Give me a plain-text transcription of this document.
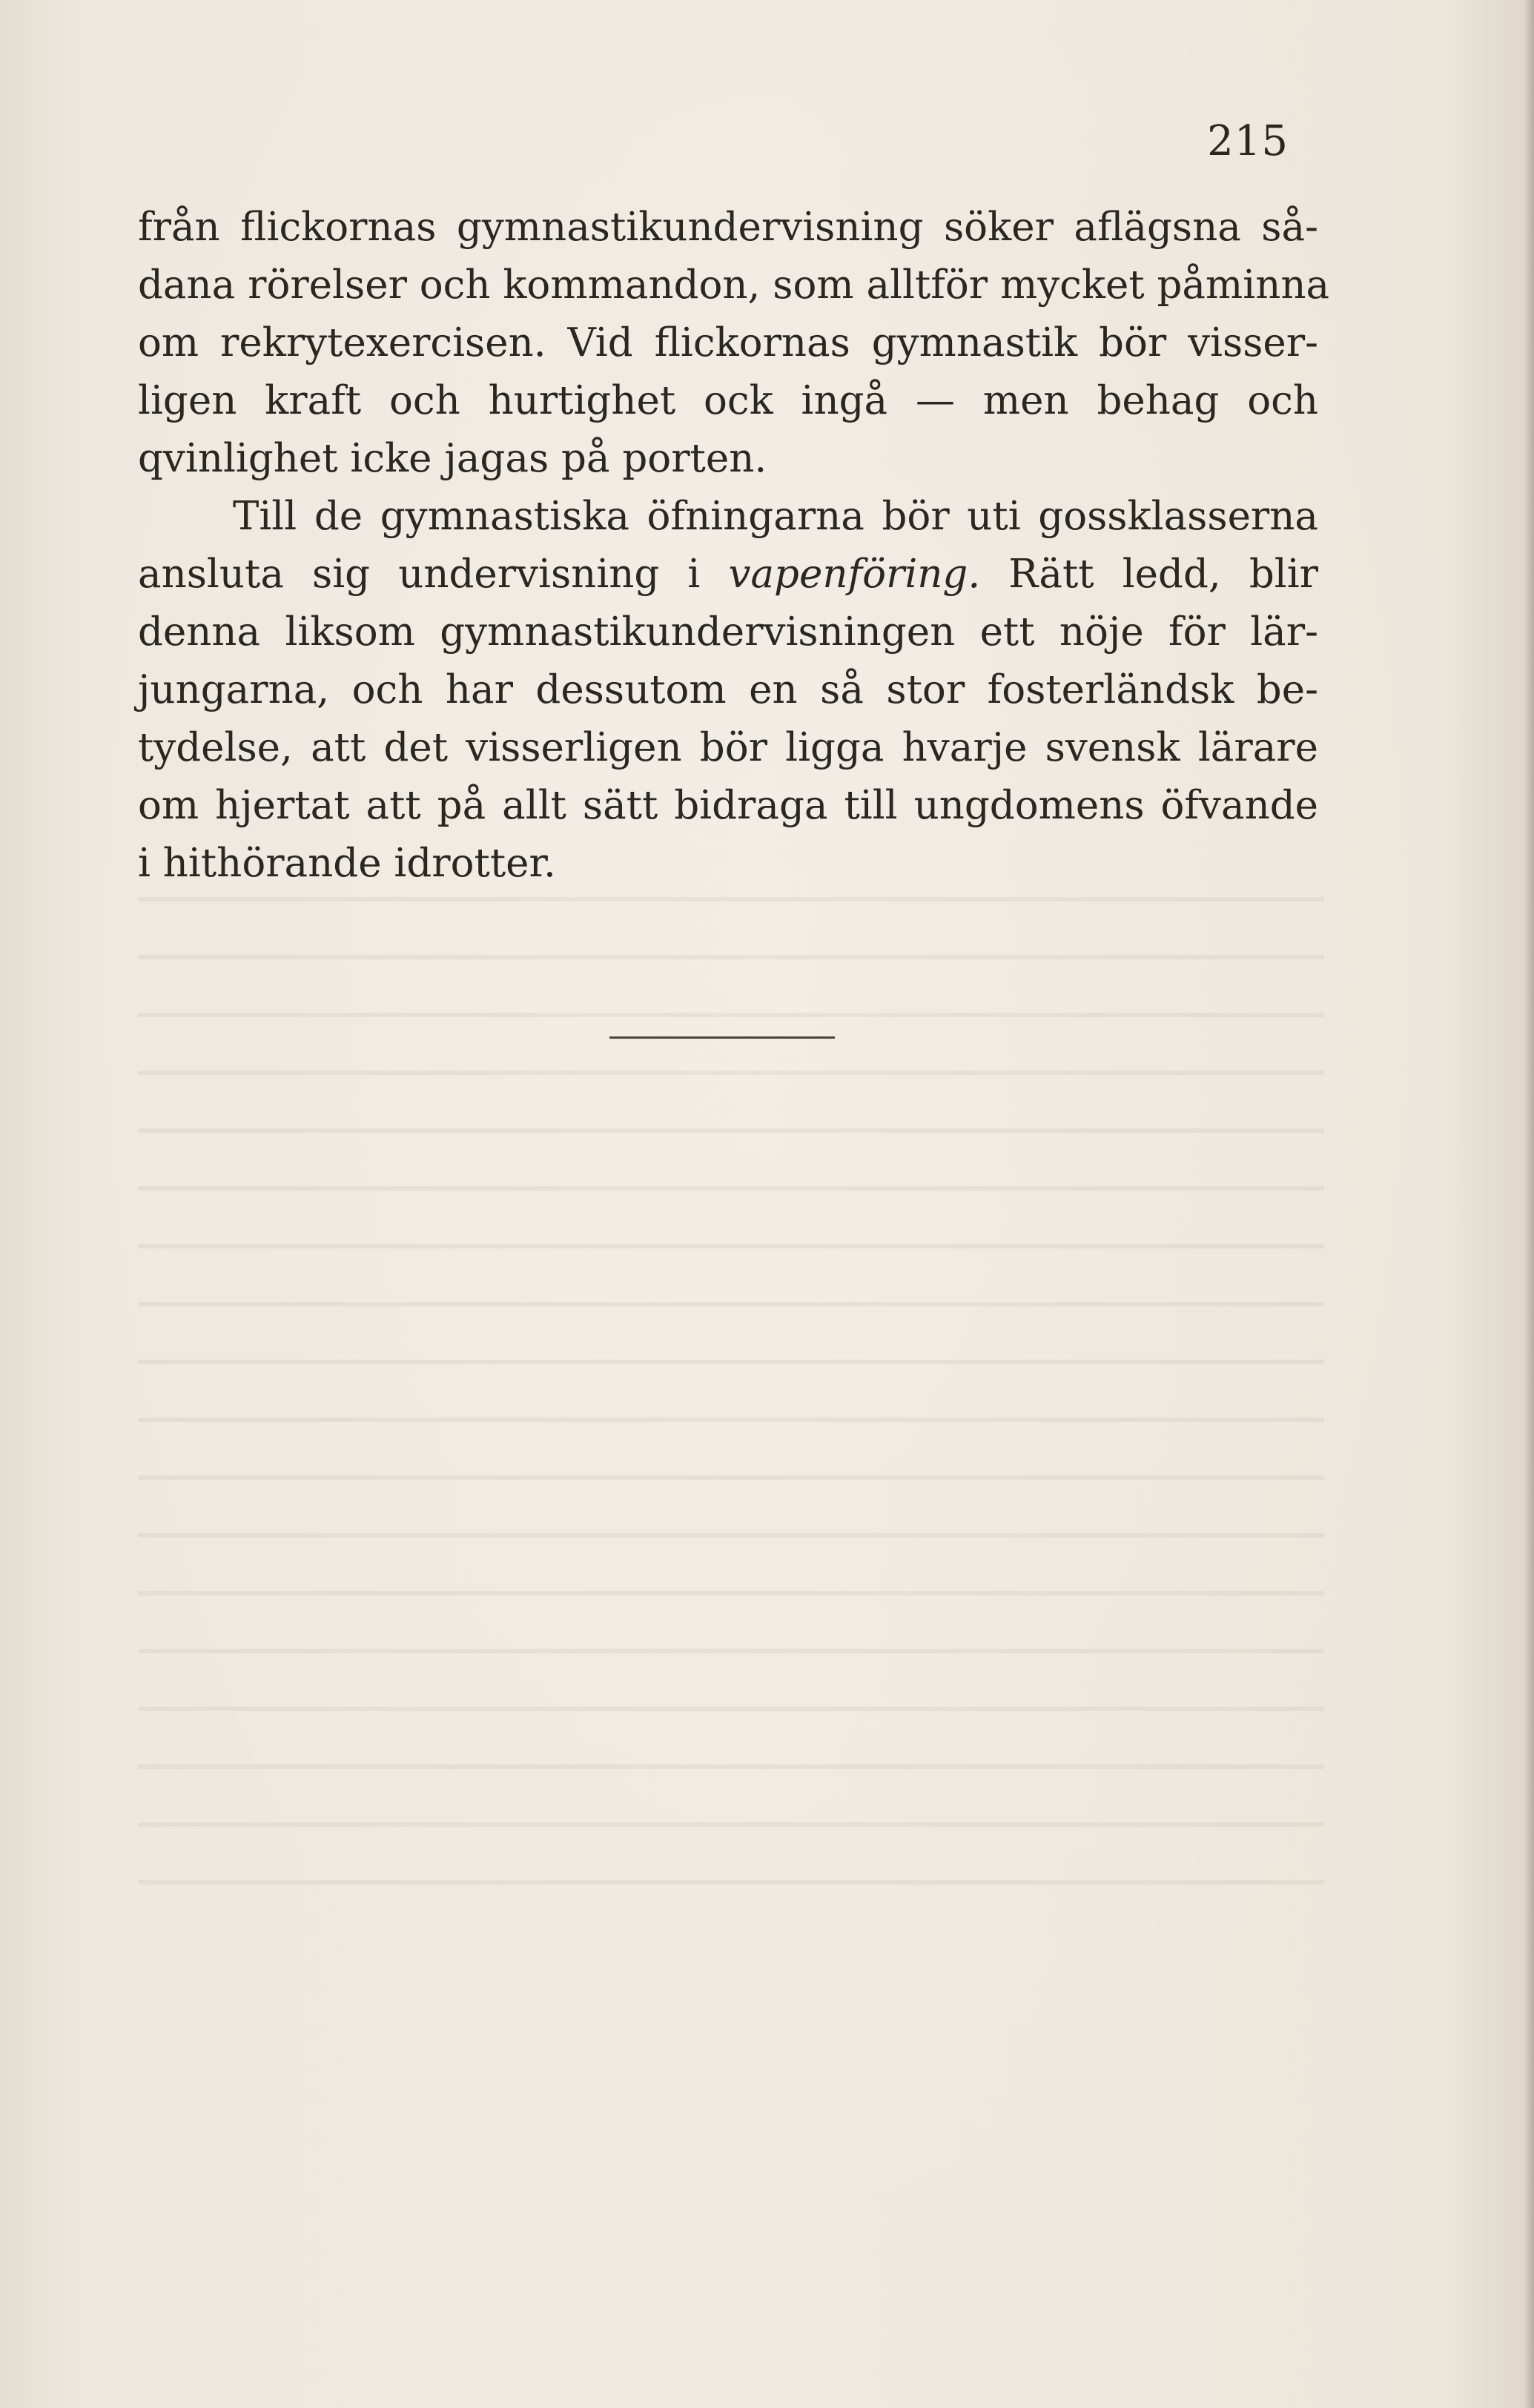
215
från flickornas gymnastikundervisning söker aflägsna så-
dana rörelser och kommandon, som alltför mycket påminna
om rekrytexercisen. Vid flickornas gymnastik bör visser-
ligen kraft och hurtighet ock ingå — men behag och
qvinlighet icke jagas på porten.
Till de gymnastiska öfningarna bör uti gossklasserna
ansluta sig undervisning i vapenföring. Rätt ledd, blir
denna liksom gymnastikundervisningen ett nöje för lär-
jungarna, och har dessutom en så stor fosterländsk be-
tydelse, att det visserligen bör ligga hvarje svensk lärare
om hjertat att på allt sätt bidraga till ungdomens öfvande
i hithörande idrotter.
